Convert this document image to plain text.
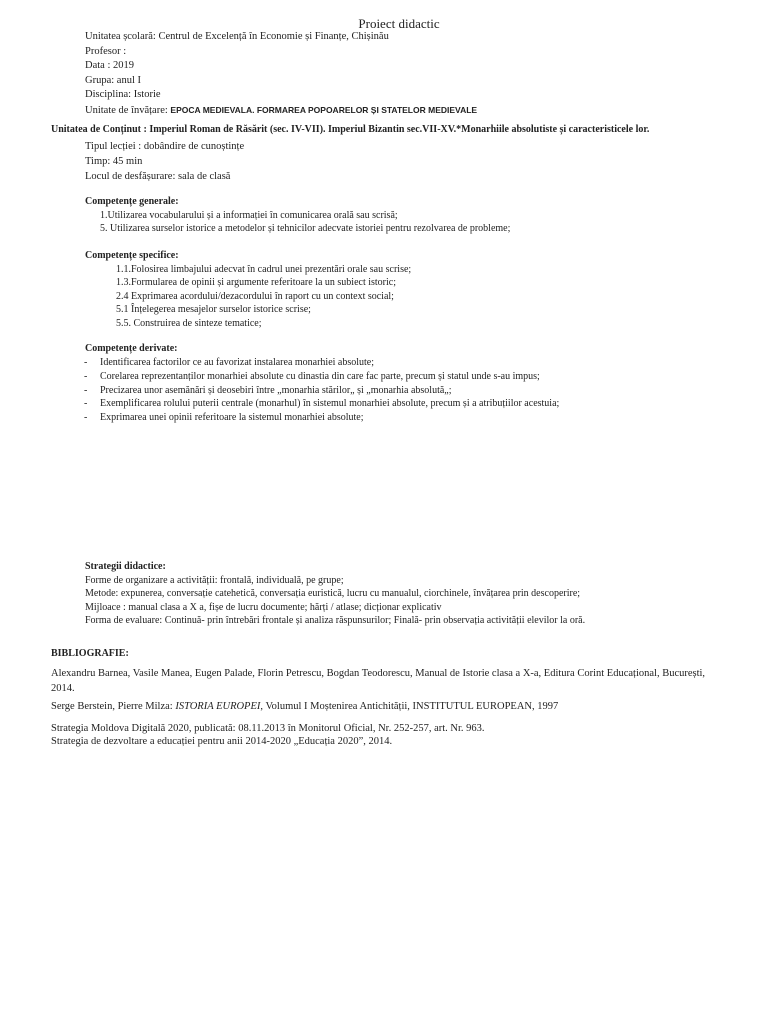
Proiect didactic
Unitatea școlară: Centrul de Excelență în Economie și Finanțe, Chișinău
Profesor :
Data : 2019
Grupa: anul I
Disciplina: Istorie
Unitate de învățare: EPOCA MEDIEVALA. FORMAREA POPOARELOR ȘI STATELOR MEDIEVALE
Unitatea de Conținut : Imperiul Roman de Răsărit (sec. IV-VII). Imperiul Bizantin sec.VII-XV.*Monarhiile absolutiste și caracteristicele lor.
Tipul lecției : dobândire de cunoștințe
Timp: 45 min
Locul de desfășurare: sala de clasă
Competențe generale:
1.Utilizarea vocabularului și a informației în comunicarea orală sau scrisă;
5. Utilizarea surselor istorice a metodelor și tehnicilor adecvate istoriei pentru rezolvarea de probleme;
Competențe specifice:
1.1.Folosirea limbajului adecvat în cadrul unei prezentări orale sau scrise;
1.3.Formularea de opinii și argumente referitoare la un subiect istoric;
2.4 Exprimarea acordului/dezacordului în raport cu un context social;
5.1 Înțelegerea mesajelor surselor istorice scrise;
5.5. Construirea de sinteze tematice;
Competențe derivate:
- Identificarea factorilor ce au favorizat instalarea monarhiei absolute;
- Corelarea reprezentanților monarhiei absolute cu dinastia din care fac parte, precum și statul unde s-au impus;
- Precizarea unor asemănări și deosebiri între „monarhia stărilor„ și „monarhia absolută„;
- Exemplificarea rolului puterii centrale (monarhul) în sistemul monarhiei absolute, precum și a atribuțiilor acestuia;
- Exprimarea unei opinii referitoare la sistemul monarhiei absolute;
Strategii didactice:
Forme de organizare a activității: frontală, individuală, pe grupe;
Metode: expunerea, conversație catehetică, conversația euristică, lucru cu manualul, ciorchinele, învățarea prin descoperire;
Mijloace : manual clasa a X a, fișe de lucru documente; hărți / atlase; dicționar explicativ
Forma de evaluare: Continuă- prin întrebări frontale și analiza răspunsurilor; Finală- prin observația activității elevilor la oră.
BIBLIOGRAFIE:
Alexandru Barnea, Vasile Manea, Eugen Palade, Florin Petrescu, Bogdan Teodorescu, Manual de Istorie clasa a X-a, Editura Corint Educațional, București, 2014.
Serge Berstein, Pierre Milza: ISTORIA EUROPEI, Volumul I Moștenirea Antichității, INSTITUTUL EUROPEAN, 1997
Strategia Moldova Digitală 2020, publicată: 08.11.2013 în Monitorul Oficial, Nr. 252-257, art. Nr. 963.
Strategia de dezvoltare a educației pentru anii 2014-2020 „Educația 2020”, 2014.
